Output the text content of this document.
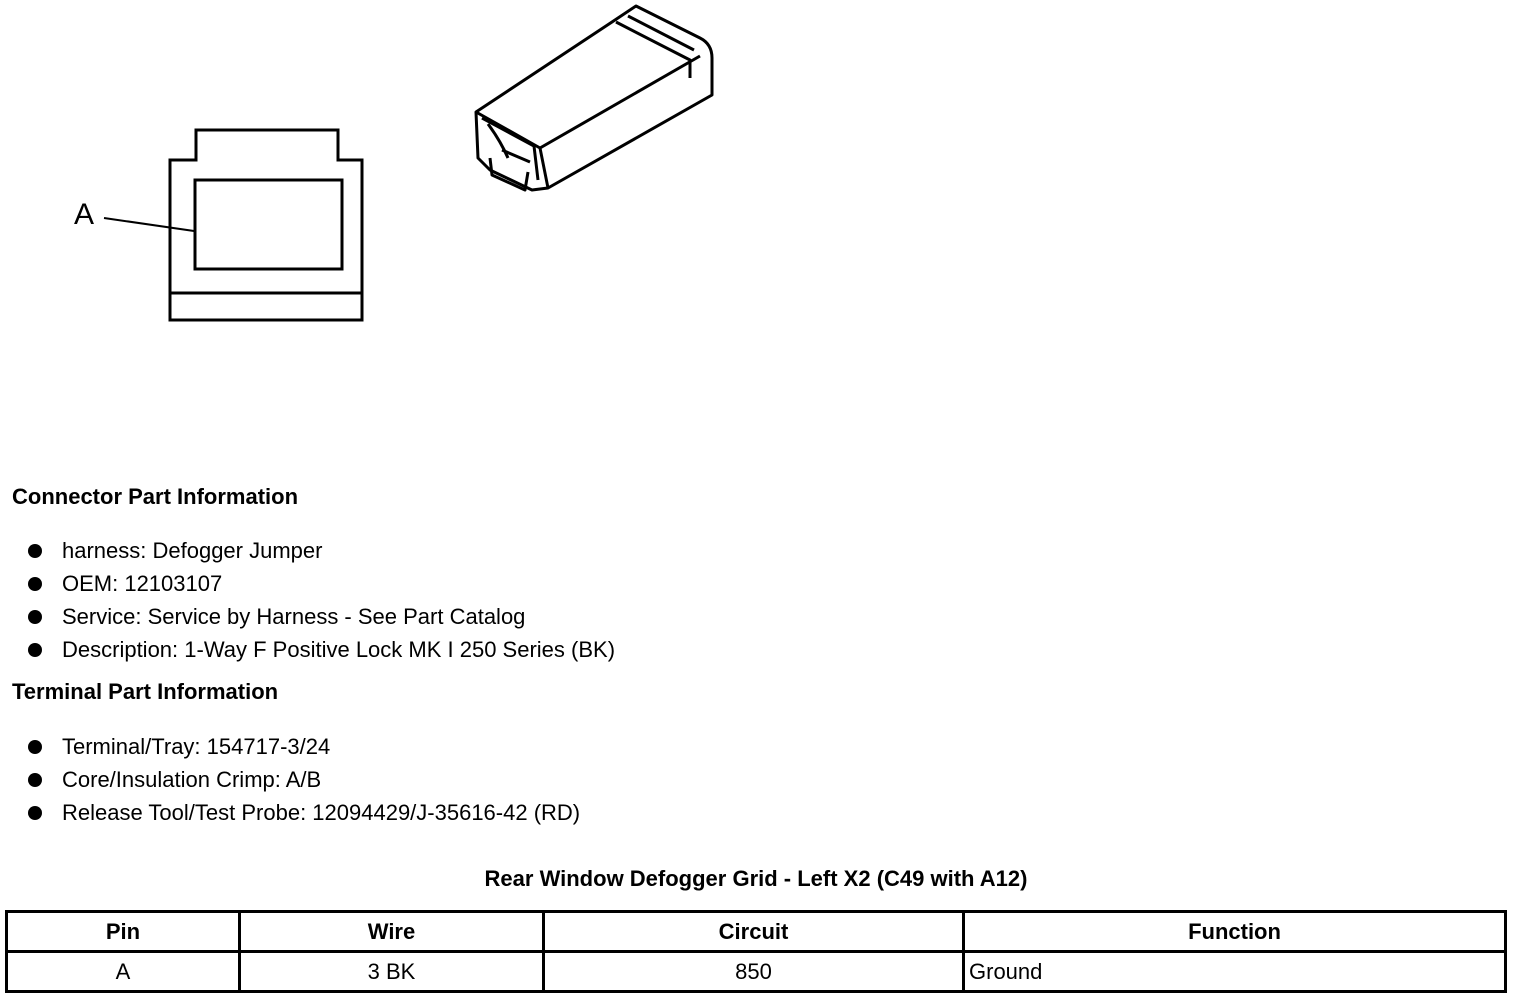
A
Connector Part Information
harness: Defogger Jumper
OEM: 12103107
Service: Service by Harness - See Part Catalog
Description: 1-Way F Positive Lock MK I 250 Series (BK)
Terminal Part Information
Terminal/Tray: 154717-3/24
Core/Insulation Crimp: A/B
Release Tool/Test Probe: 12094429/J-35616-42 (RD)
Rear Window Defogger Grid - Left X2 (C49 with A12)
Pin	Wire	Circuit	Function
A	3 BK	850	Ground
